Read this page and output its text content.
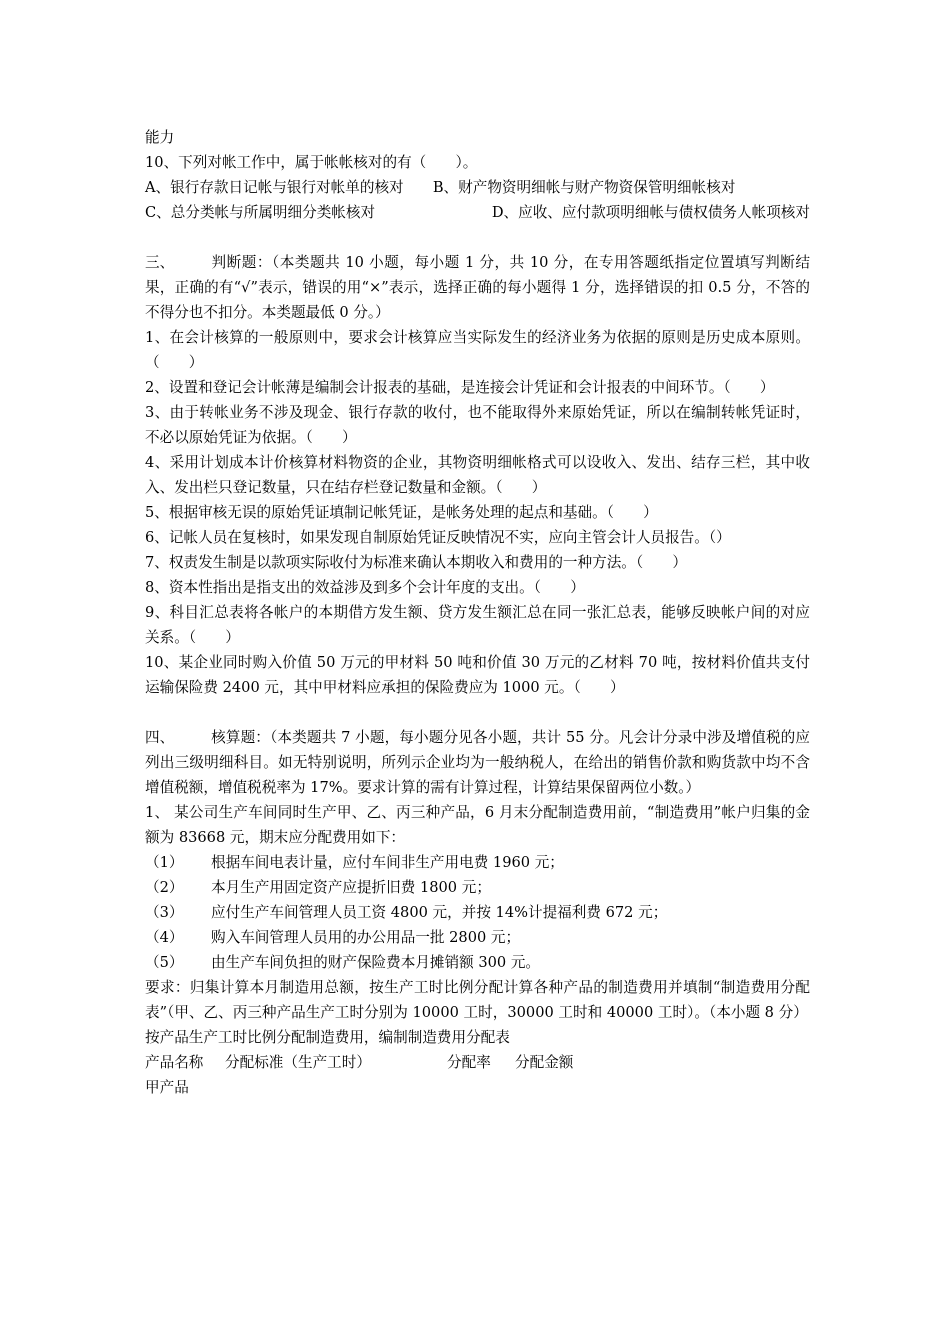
能力

10、下列对帐工作中，属于帐帐核对的有（　　）。

A、银行存款日记帐与银行对帐单的核对　　B、财产物资明细帐与财产物资保管明细帐核对

C、总分类帐与所属明细分类帐核对	D、应收、应付款项明细帐与债权债务人帐项核对

三、	判断题：（本类题共 10 小题，每小题 1 分，共 10 分，在专用答题纸指定位置填写判断结果，正确的有“√”表示，错误的用“×”表示，选择正确的每小题得 1 分，选择错误的扣 0.5 分，不答的不得分也不扣分。本类题最低 0 分。）

1、在会计核算的一般原则中，要求会计核算应当实际发生的经济业务为依据的原则是历史成本原则。（　　）

2、设置和登记会计帐薄是编制会计报表的基础，是连接会计凭证和会计报表的中间环节。（　　）

3、由于转帐业务不涉及现金、银行存款的收付，也不能取得外来原始凭证，所以在编制转帐凭证时，不必以原始凭证为依据。（　　）

4、采用计划成本计价核算材料物资的企业，其物资明细帐格式可以设收入、发出、结存三栏，其中收入、发出栏只登记数量，只在结存栏登记数量和金额。（　　）

5、根据审核无误的原始凭证填制记帐凭证，是帐务处理的起点和基础。（　　）

6、记帐人员在复核时，如果发现自制原始凭证反映情况不实，应向主管会计人员报告。（）

7、权责发生制是以款项实际收付为标准来确认本期收入和费用的一种方法。（　　）

8、资本性指出是指支出的效益涉及到多个会计年度的支出。（　　）

9、科目汇总表将各帐户的本期借方发生额、贷方发生额汇总在同一张汇总表，能够反映帐户间的对应关系。（　　）

10、某企业同时购入价值 50 万元的甲材料 50 吨和价值 30 万元的乙材料 70 吨，按材料价值共支付运输保险费 2400 元，其中甲材料应承担的保险费应为 1000 元。（　　）

四、	核算题：（本类题共 7 小题，每小题分见各小题，共计 55 分。凡会计分录中涉及增值税的应列出三级明细科目。如无特别说明，所列示企业均为一般纳税人，在给出的销售价款和购货款中均不含增值税额，增值税税率为 17%。要求计算的需有计算过程，计算结果保留两位小数。）

1、 某公司生产车间同时生产甲、乙、丙三种产品，6 月末分配制造费用前，“制造费用”帐户归集的金额为 83668 元，期末应分配费用如下：

（1） 根据车间电表计量，应付车间非生产用电费 1960 元；

（2） 本月生产用固定资产应提折旧费 1800 元；

（3） 应付生产车间管理人员工资 4800 元，并按 14%计提福利费 672 元；

（4） 购入车间管理人员用的办公用品一批 2800 元；

（5） 由生产车间负担的财产保险费本月摊销额 300 元。

要求：归集计算本月制造用总额，按生产工时比例分配计算各种产品的制造费用并填制“制造费用分配表”（甲、乙、丙三种产品生产工时分别为 10000 工时，30000 工时和 40000 工时）。（本小题 8 分）

按产品生产工时比例分配制造费用，编制制造费用分配表

产品名称	分配标准（生产工时）	分配率	分配金额

甲产品
